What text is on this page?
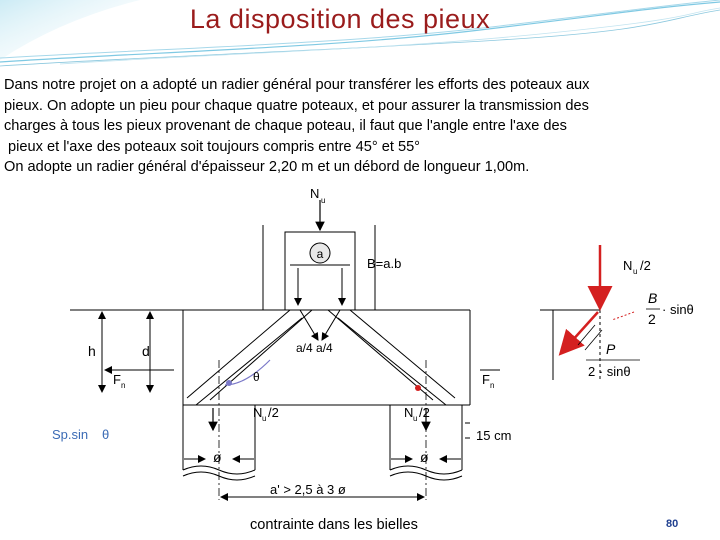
La disposition des pieux

Dans notre projet on a adopté un radier général pour transférer les efforts des poteaux aux

pieux. On adopte un pieu pour chaque quatre poteaux, et pour assurer la transmission des

charges à tous les pieux provenant de chaque poteau, il faut que l'angle entre l'axe des

pieux et l'axe des poteaux soit toujours compris entre 45° et 55°

On adopte un radier général d'épaisseur 2,20 m et un débord de longueur 1,00m.

N u
a
B=a.b
a/4 a/4
θ
F n	F n
h	d
N u /2	N u /2
Sp.sin θ	15 cm
ø	ø
a' > 2,5 à 3 ø
N u /2
B
2
· sinθ
P
2 · sinθ
contrainte dans les bielles	80
